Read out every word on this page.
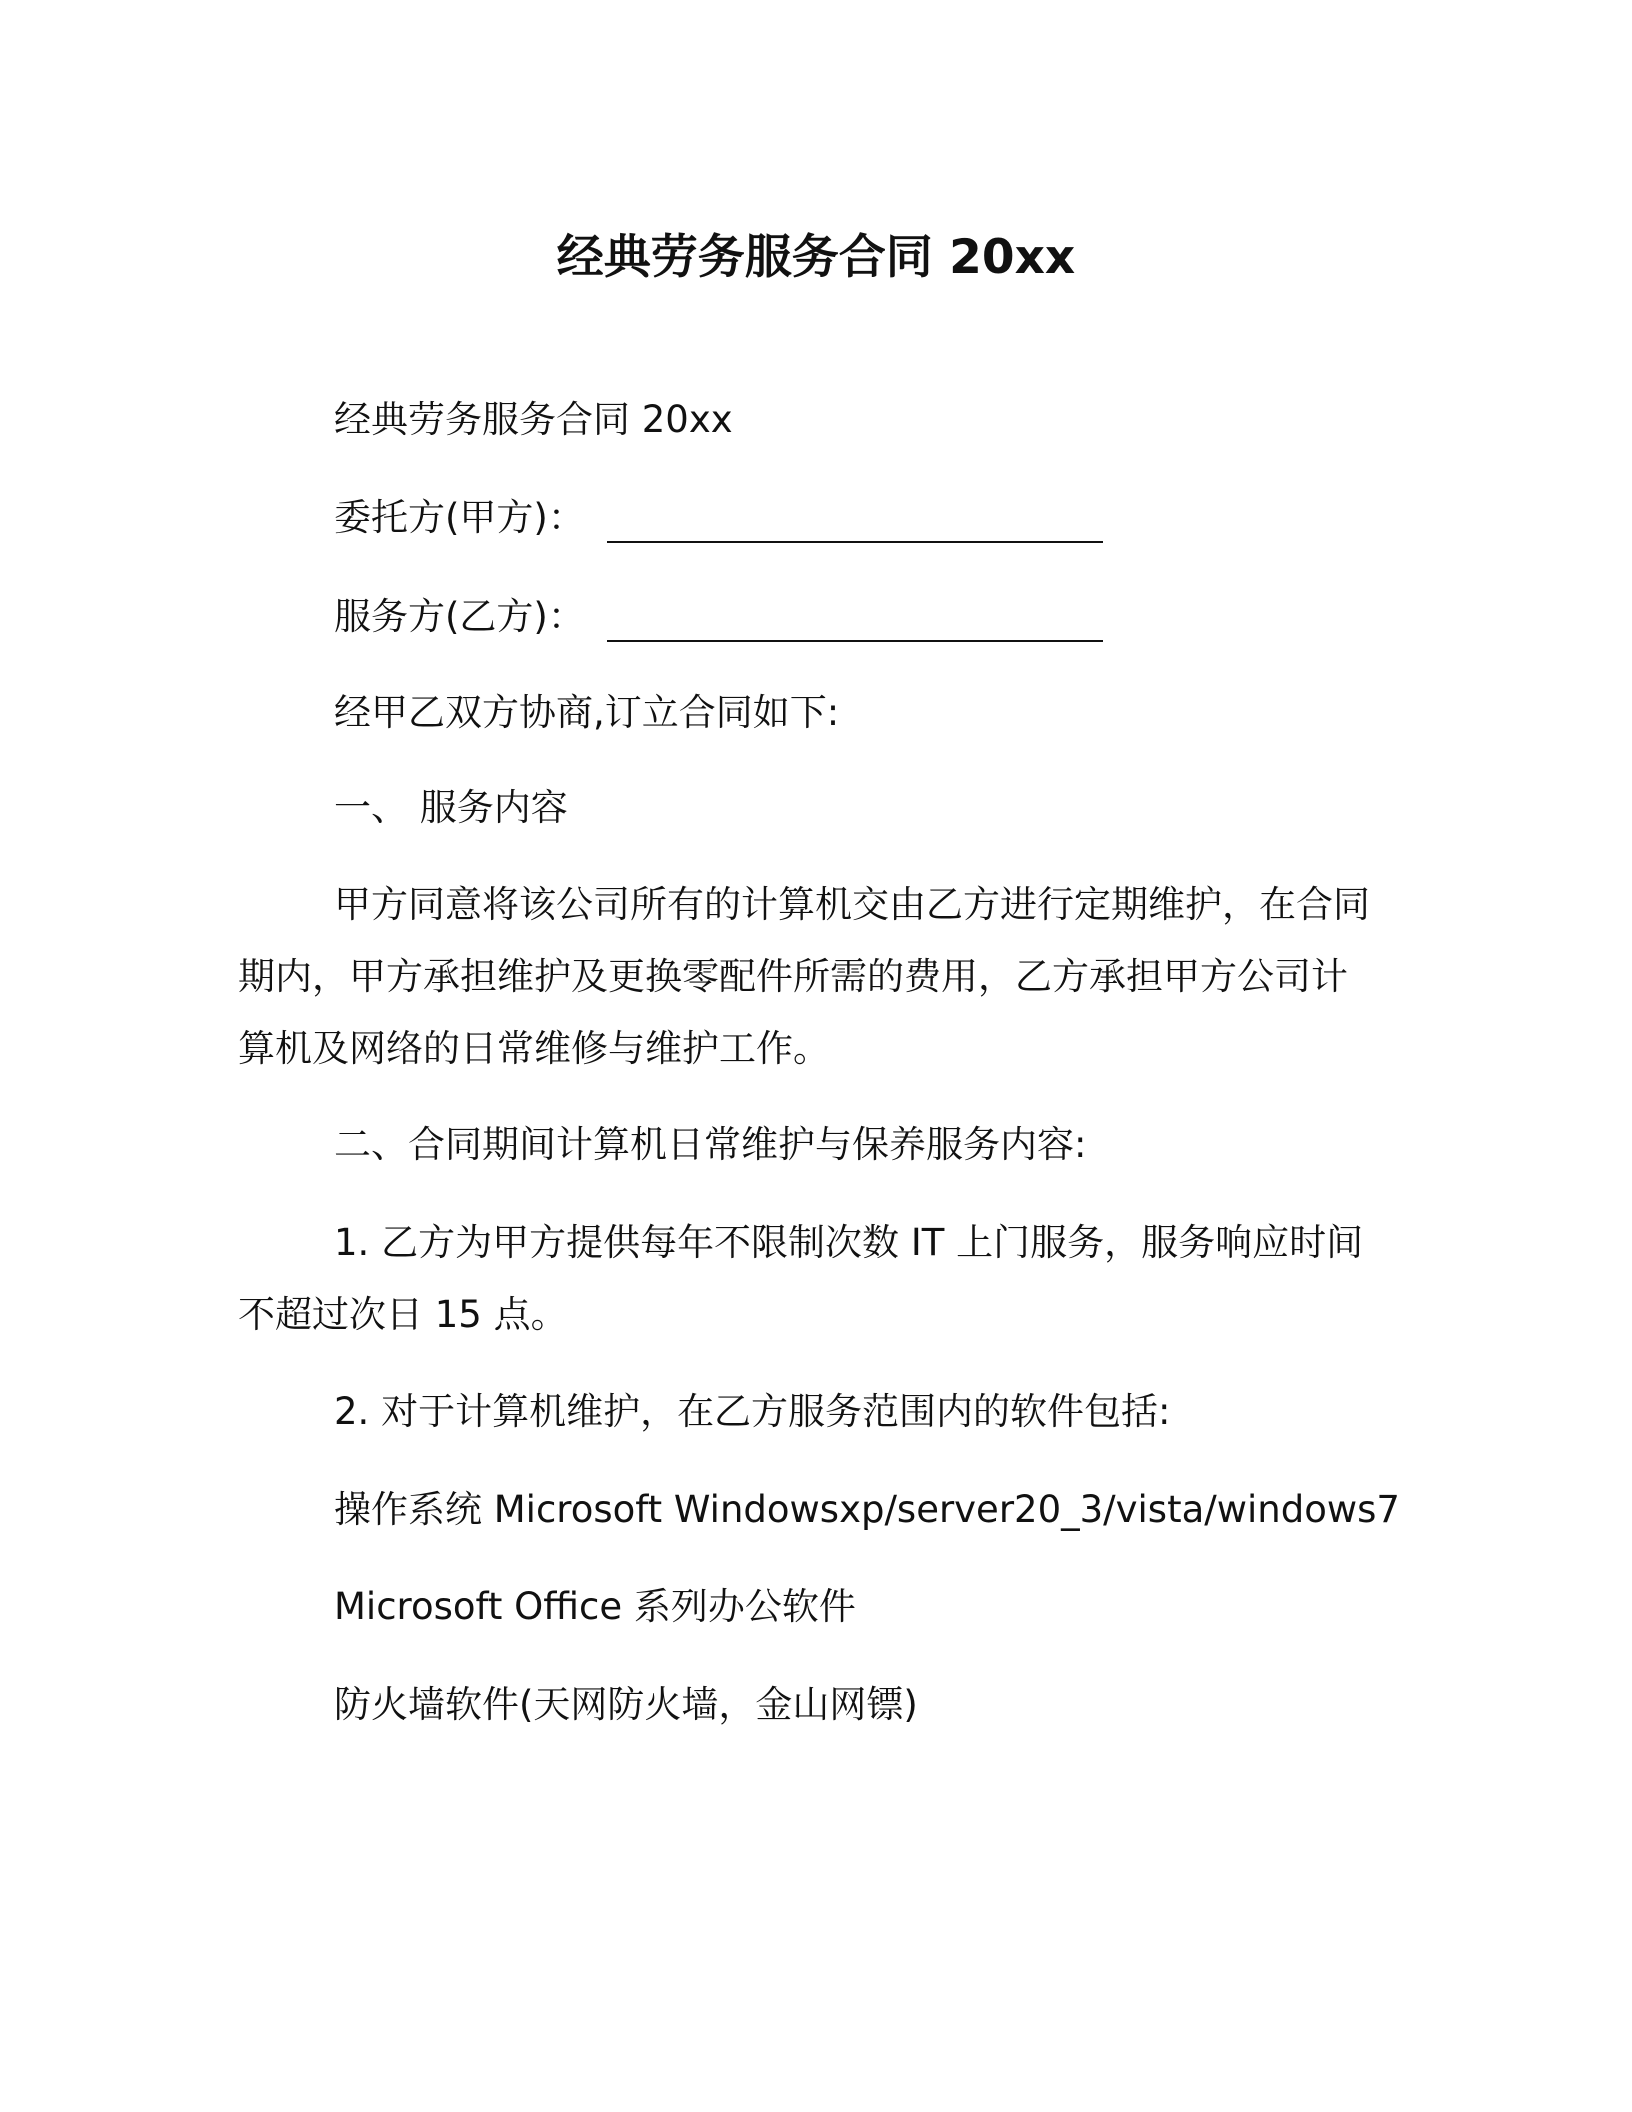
经典劳务服务合同 20xx
经典劳务服务合同 20xx
委托方(甲方)：
服务方(乙方)：
经甲乙双方协商,订立合同如下:
一、 服务内容
甲方同意将该公司所有的计算机交由乙方进行定期维护，在合同
期内，甲方承担维护及更换零配件所需的费用，乙方承担甲方公司计
算机及网络的日常维修与维护工作。
二、合同期间计算机日常维护与保养服务内容:
1. 乙方为甲方提供每年不限制次数 IT 上门服务，服务响应时间
不超过次日 15 点。
2. 对于计算机维护，在乙方服务范围内的软件包括:
操作系统 Microsoft Windowsxp/server20_3/vista/windows7
Microsoft Office 系列办公软件
防火墙软件(天网防火墙，金山网镖)
